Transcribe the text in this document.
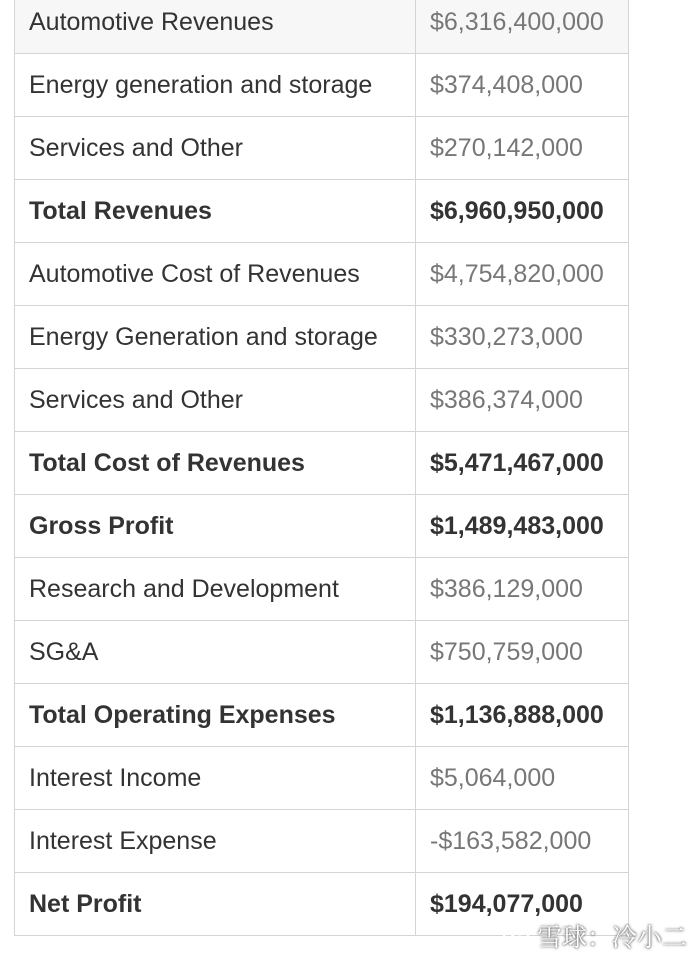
Automotive Revenues	$6,316,400,000
Energy generation and storage	$374,408,000
Services and Other	$270,142,000
Total Revenues	$6,960,950,000
Automotive Cost of Revenues	$4,754,820,000
Energy Generation and storage	$330,273,000
Services and Other	$386,374,000
Total Cost of Revenues	$5,471,467,000
Gross Profit	$1,489,483,000
Research and Development	$386,129,000
SG&A	$750,759,000
Total Operating Expenses	$1,136,888,000
Interest Income	$5,064,000
Interest Expense	-$163,582,000
Net Profit	$194,077,000
雪球：冷小二
